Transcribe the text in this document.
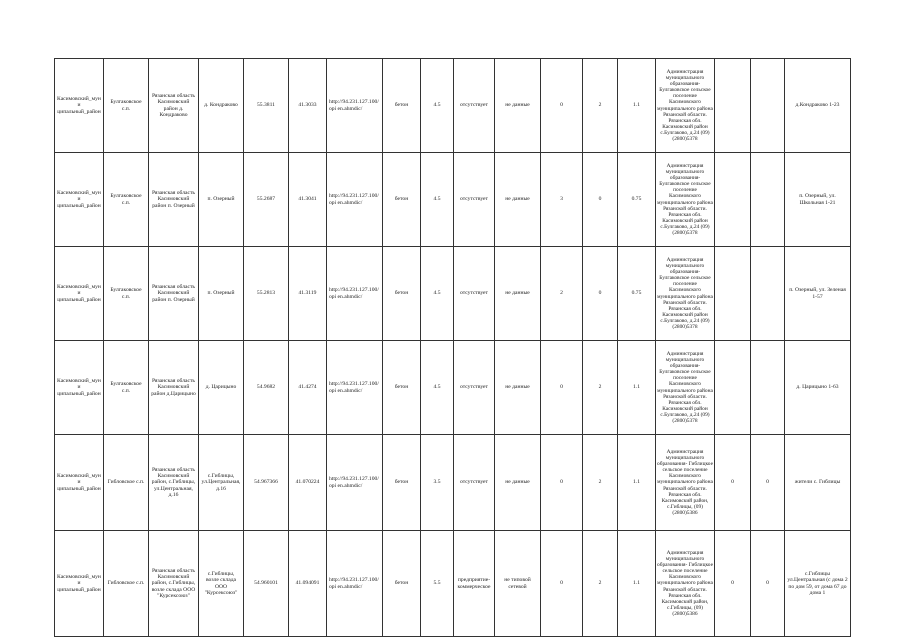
Касимовский_муни ципальный_район	Булгаковское с.п.	Рязанская область Касимовский район д. Кондраково	д. Кондраково	55.3811	41.3033	http://94.231.127.100/opi en.ahmdic/	бетон	4.5	отсутствует	не данные	0	2	1.1	Администрация муниципального образования- Булгаковское сельское поселение Касимовского муниципального района Рязанской области. Рязанская обл. Касимовский район с.Булгаково, д.24 (09)(2800)5378			д.Кондраково 1-23
Касимовский_муни ципальный_район	Булгаковское с.п.	Рязанская область Касимовский район п. Озерный	п. Озерный	55.2687	41.3041	http://94.231.127.100/opi en.ahmdic/	бетон	4.5	отсутствует	не данные	3	0	0.75	Администрация муниципального образования- Булгаковское сельское поселение Касимовского муниципального района Рязанской области. Рязанская обл. Касимовский район с.Булгаково, д.24 (09)(2800)5378			п. Озерный, ул. Школьная 1-21
Касимовский_муни ципальный_район	Булгаковское с.п.	Рязанская область Касимовский район п. Озерный	п. Озерный	55.2813	41.3119	http://94.231.127.100/opi en.ahmdic/	бетон	4.5	отсутствует	не данные	2	0	0.75	Администрация муниципального образования- Булгаковское сельское поселение Касимовского муниципального района Рязанской области. Рязанская обл. Касимовский район с.Булгаково, д.24 (09)(2800)5378			п. Озерный, ул. Зеленая 1-57
Касимовский_муни ципальный_район	Булгаковское с.п.	Рязанская область Касимовский район д.Царицыно	д. Царицыно	54.9682	41.4274	http://94.231.127.100/opi en.ahmdic/	бетон	4.5	отсутствует	не данные	0	2	1.1	Администрация муниципального образования- Булгаковское сельское поселение Касимовского муниципального района Рязанской области. Рязанская обл. Касимовский район с.Булгаково, д.24 (09)(2800)5378			д. Царицыно 1-63
Касимовский_муни ципальный_район	Гибловское с.п.	Рязанская область Касимовский район, с.Гиблицы, ул.Центральная, д.16	с.Гиблицы, ул.Центральная, д.16	54.967366	41.070224	http://94.231.127.100/opi en.ahmdic/	бетон	3.5	отсутствует	не данные	0	2	1.1	Администрация муниципального образования- Гиблицкое сельское поселение Касимовского муниципального района Рязанской области. Рязанская обл. Касимовский район, с.Гиблицы, (09)(2800)5386	0	0	жители с. Гиблицы
Касимовский_муни ципальный_район	Гибловское с.п.	Рязанская область Касимовский район, с.Гиблицы, возле склада ООО "Курсексоюз"	с.Гиблицы, возле склада ООО "Курсексоюз"	54.960101	41.094091	http://94.231.127.100/opi en.ahmdic/	бетон	5.5	предприятие-коммерческое	не типовой сетевой	0	2	1.1	Администрация муниципального образования- Гиблицкое сельское поселение Касимовского муниципального района Рязанской области. Рязанская обл. Касимовский район, с.Гиблицы, (09)(2800)5386	0	0	с.Гиблицы ул.Центральная (с дома 2 по дом 59, от дома 67 до дома 1
